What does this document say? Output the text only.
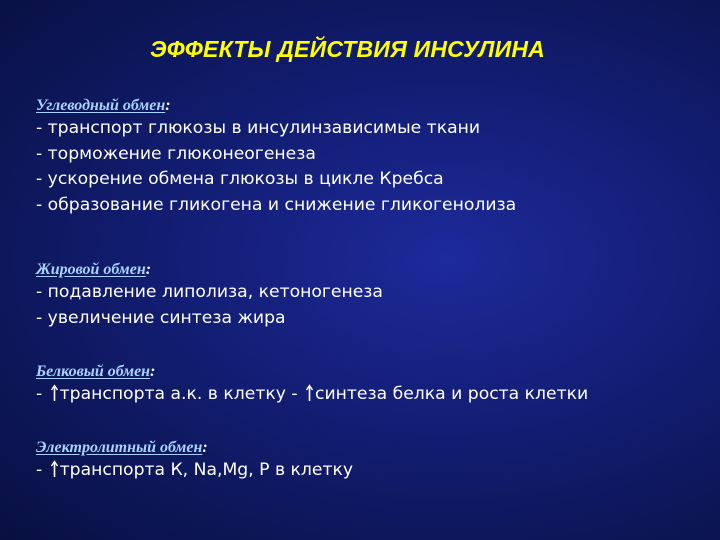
ЭФФЕКТЫ ДЕЙСТВИЯ ИНСУЛИНА
Углеводный обмен:
- транспорт глюкозы в инсулинзависимые ткани
- торможение глюконеогенеза
- ускорение обмена глюкозы в цикле Кребса
- образование гликогена и снижение гликогенолиза
Жировой обмен:
- подавление липолиза, кетоногенеза
- увеличение синтеза жира
Белковый обмен:
- транспорта а.к. в клетку - синтеза белка и роста клетки
Электролитный обмен:
- транспорта К, Na,Mg, Р в клетку
